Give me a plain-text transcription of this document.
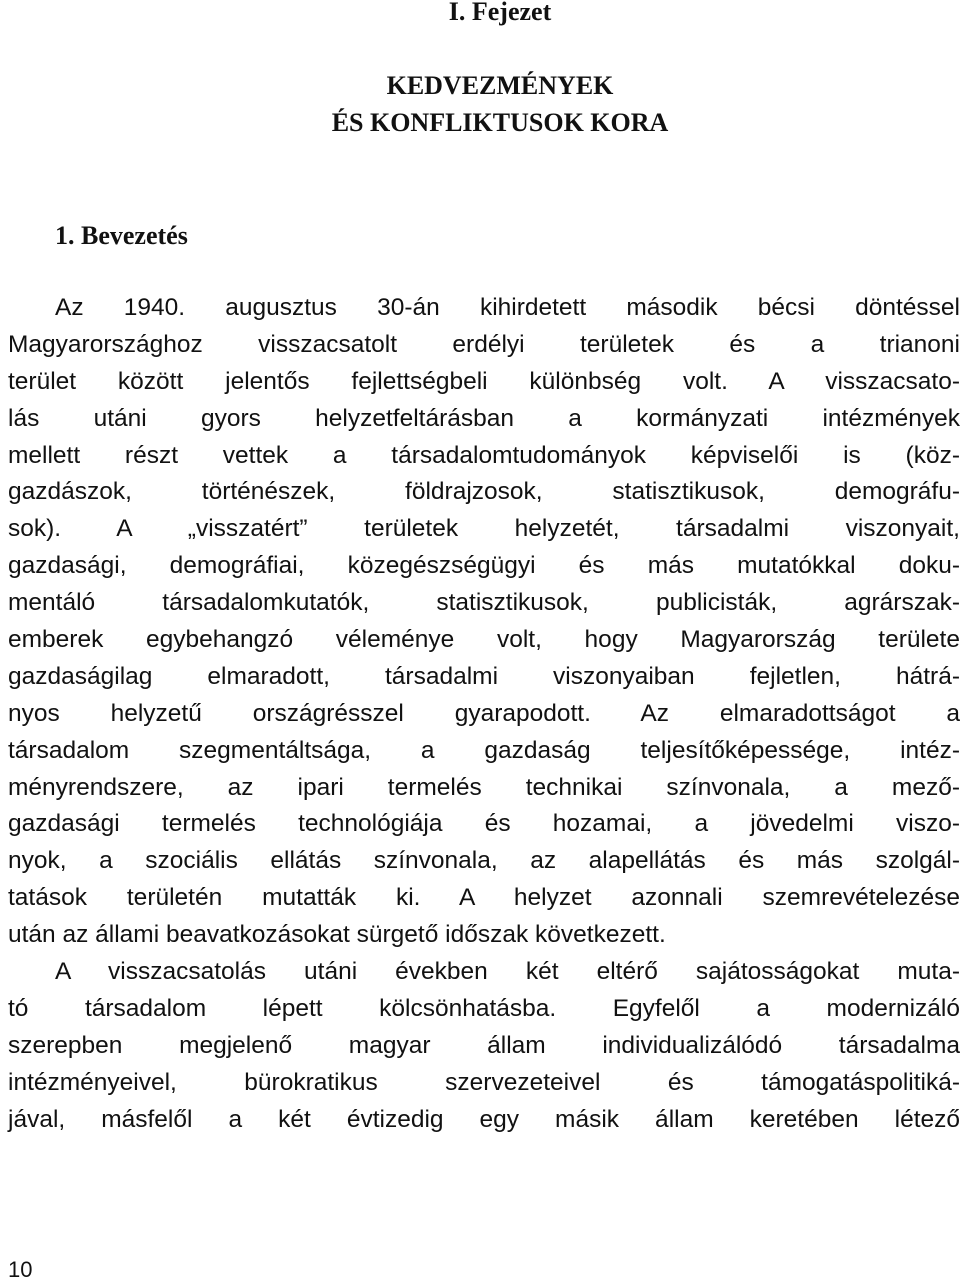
I. Fejezet
KEDVEZMÉNYEK
ÉS KONFLIKTUSOK KORA
1. Bevezetés
Az 1940. augusztus 30-án kihirdetett második bécsi döntéssel
Magyarországhoz visszacsatolt erdélyi területek és a trianoni
terület között jelentős fejlettségbeli különbség volt. A visszacsato-
lás utáni gyors helyzetfeltárásban a kormányzati intézmények
mellett részt vettek a társadalomtudományok képviselői is (köz-
gazdászok, történészek, földrajzosok, statisztikusok, demográfu-
sok). A „visszatért” területek helyzetét, társadalmi viszonyait,
gazdasági, demográfiai, közegészségügyi és más mutatókkal doku-
mentáló társadalomkutatók, statisztikusok, publicisták, agrárszak-
emberek egybehangzó véleménye volt, hogy Magyarország területe
gazdaságilag elmaradott, társadalmi viszonyaiban fejletlen, hátrá-
nyos helyzetű országrésszel gyarapodott. Az elmaradottságot a
társadalom szegmentáltsága, a gazdaság teljesítőképessége, intéz-
ményrendszere, az ipari termelés technikai színvonala, a mező-
gazdasági termelés technológiája és hozamai, a jövedelmi viszo-
nyok, a szociális ellátás színvonala, az alapellátás és más szolgál-
tatások területén mutatták ki. A helyzet azonnali szemrevételezése
után az állami beavatkozásokat sürgető időszak következett.
A visszacsatolás utáni években két eltérő sajátosságokat muta-
tó társadalom lépett kölcsönhatásba. Egyfelől a modernizáló
szerepben megjelenő magyar állam individualizálódó társadalma
intézményeivel, bürokratikus szervezeteivel és támogatáspolitiká-
jával, másfelől a két évtizedig egy másik állam keretében létező
10
